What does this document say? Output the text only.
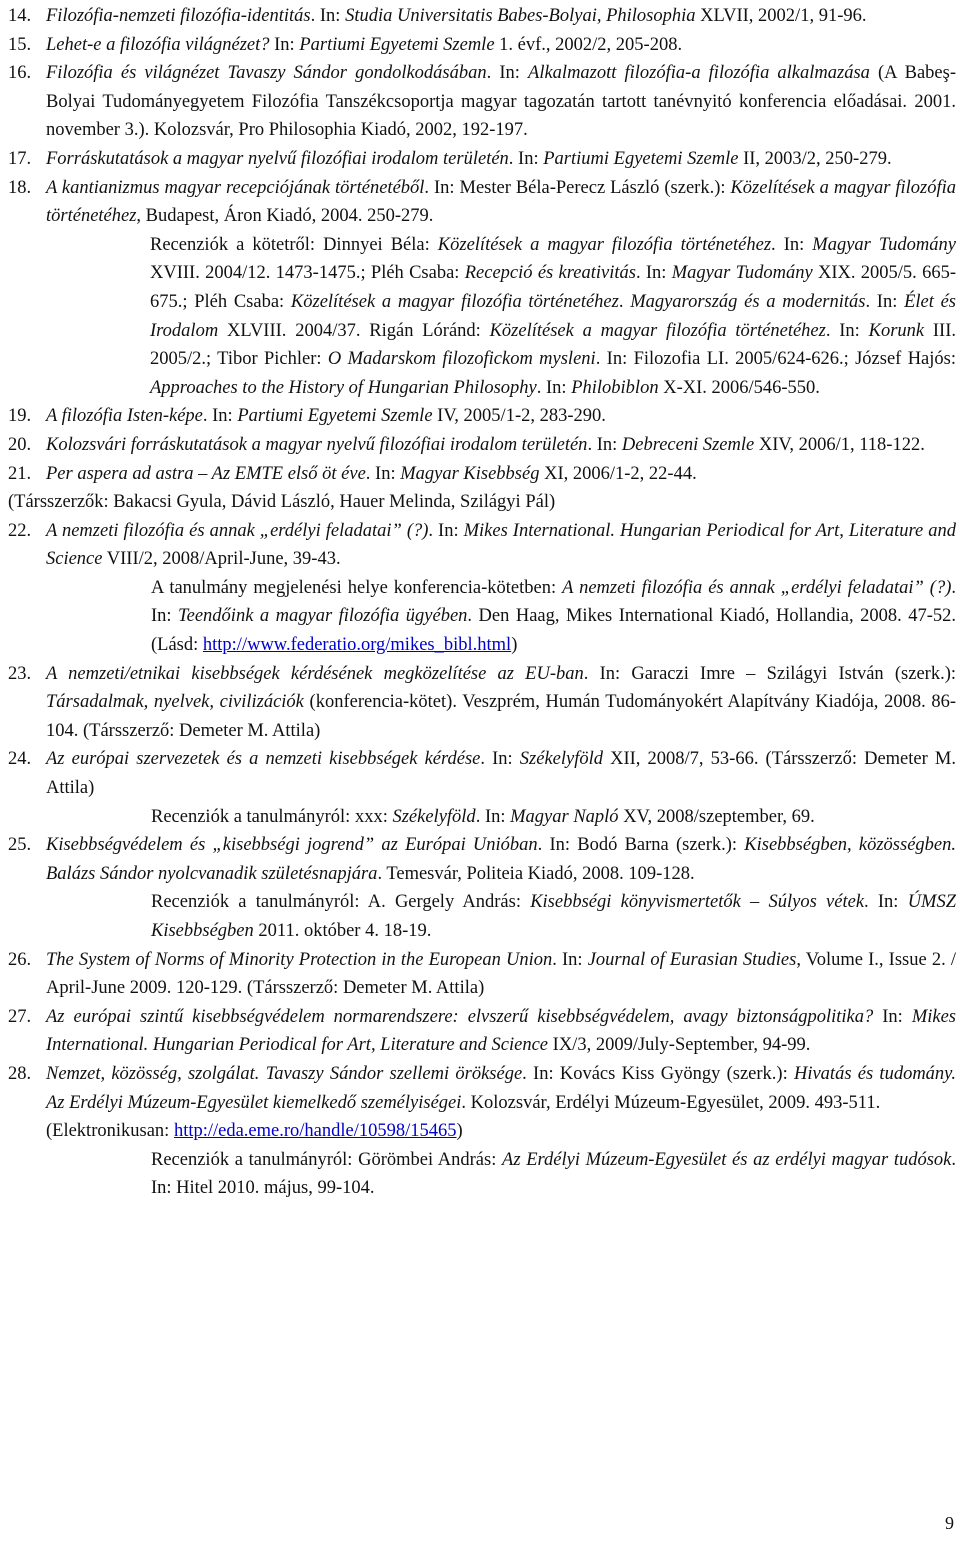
14. Filozófia-nemzeti filozófia-identitás. In: Studia Universitatis Babes-Bolyai, Philosophia XLVII, 2002/1, 91-96.
15. Lehet-e a filozófia világnézet? In: Partiumi Egyetemi Szemle 1. évf., 2002/2, 205-208.
16. Filozófia és világnézet Tavaszy Sándor gondolkodásában. In: Alkalmazott filozófia-a filozófia alkalmazása (A Babeş-Bolyai Tudományegyetem Filozófia Tanszékcsoportja magyar tagozatán tartott tanévnyitó konferencia előadásai. 2001. november 3.). Kolozsvár, Pro Philosophia Kiadó, 2002, 192-197.
17. Forráskutatások a magyar nyelvű filozófiai irodalom területén. In: Partiumi Egyetemi Szemle II, 2003/2, 250-279.
18. A kantianizmus magyar recepciójának történetéből. In: Mester Béla-Perecz László (szerk.): Közelítések a magyar filozófia történetéhez, Budapest, Áron Kiadó, 2004. 250-279.
Recenziók a kötetről: Dinnyei Béla: Közelítések a magyar filozófia történetéhez. In: Magyar Tudomány XVIII. 2004/12. 1473-1475.; Pléh Csaba: Recepció és kreativitás. In: Magyar Tudomány XIX. 2005/5. 665-675.; Pléh Csaba: Közelítések a magyar filozófia történetéhez. Magyarország és a modernitás. In: Élet és Irodalom XLVIII. 2004/37. Rigán Lóránd: Közelítések a magyar filozófia történetéhez. In: Korunk III. 2005/2.; Tibor Pichler: O Madarskom filozofickom mysleni. In: Filozofia LI. 2005/624-626.; József Hajós: Approaches to the History of Hungarian Philosophy. In: Philobiblon X-XI. 2006/546-550.
19. A filozófia Isten-képe. In: Partiumi Egyetemi Szemle IV, 2005/1-2, 283-290.
20. Kolozsvári forráskutatások a magyar nyelvű filozófiai irodalom területén. In: Debreceni Szemle XIV, 2006/1, 118-122.
21. Per aspera ad astra – Az EMTE első öt éve. In: Magyar Kisebbség XI, 2006/1-2, 22-44.
(Társszerzők: Bakacsi Gyula, Dávid László, Hauer Melinda, Szilágyi Pál)
22. A nemzeti filozófia és annak „erdélyi feladatai” (?). In: Mikes International. Hungarian Periodical for Art, Literature and Science VIII/2, 2008/April-June, 39-43.
A tanulmány megjelenési helye konferencia-kötetben: A nemzeti filozófia és annak „erdélyi feladatai” (?). In: Teendőink a magyar filozófia ügyében. Den Haag, Mikes International Kiadó, Hollandia, 2008. 47-52. (Lásd: http://www.federatio.org/mikes_bibl.html)
23. A nemzeti/etnikai kisebbségek kérdésének megközelítése az EU-ban. In: Garaczi Imre – Szilágyi István (szerk.): Társadalmak, nyelvek, civilizációk (konferencia-kötet). Veszprém, Humán Tudományokért Alapítvány Kiadója, 2008. 86-104. (Társszerző: Demeter M. Attila)
24. Az európai szervezetek és a nemzeti kisebbségek kérdése. In: Székelyföld XII, 2008/7, 53-66. (Társszerző: Demeter M. Attila)
Recenziók a tanulmányról: xxx: Székelyföld. In: Magyar Napló XV, 2008/szeptember, 69.
25. Kisebbségvédelem és „kisebbségi jogrend” az Európai Unióban. In: Bodó Barna (szerk.): Kisebbségben, közösségben. Balázs Sándor nyolcvanadik születésnapjára. Temesvár, Politeia Kiadó, 2008. 109-128.
Recenziók a tanulmányról: A. Gergely András: Kisebbségi könyvismertetők – Súlyos vétek. In: ÚMSZ Kisebbségben 2011. október 4. 18-19.
26. The System of Norms of Minority Protection in the European Union. In: Journal of Eurasian Studies, Volume I., Issue 2. / April-June 2009. 120-129. (Társszerző: Demeter M. Attila)
27. Az európai szintű kisebbségvédelem normarendszere: elvszerű kisebbségvédelem, avagy biztonságpolitika? In: Mikes International. Hungarian Periodical for Art, Literature and Science IX/3, 2009/July-September, 94-99.
28. Nemzet, közösség, szolgálat. Tavaszy Sándor szellemi öröksége. In: Kovács Kiss Gyöngy (szerk.): Hivatás és tudomány. Az Erdélyi Múzeum-Egyesület kiemelkedő személyiségei. Kolozsvár, Erdélyi Múzeum-Egyesület, 2009. 493-511.
(Elektronikusan: http://eda.eme.ro/handle/10598/15465)
Recenziók a tanulmányról: Görömbei András: Az Erdélyi Múzeum-Egyesület és az erdélyi magyar tudósok. In: Hitel 2010. május, 99-104.
9
